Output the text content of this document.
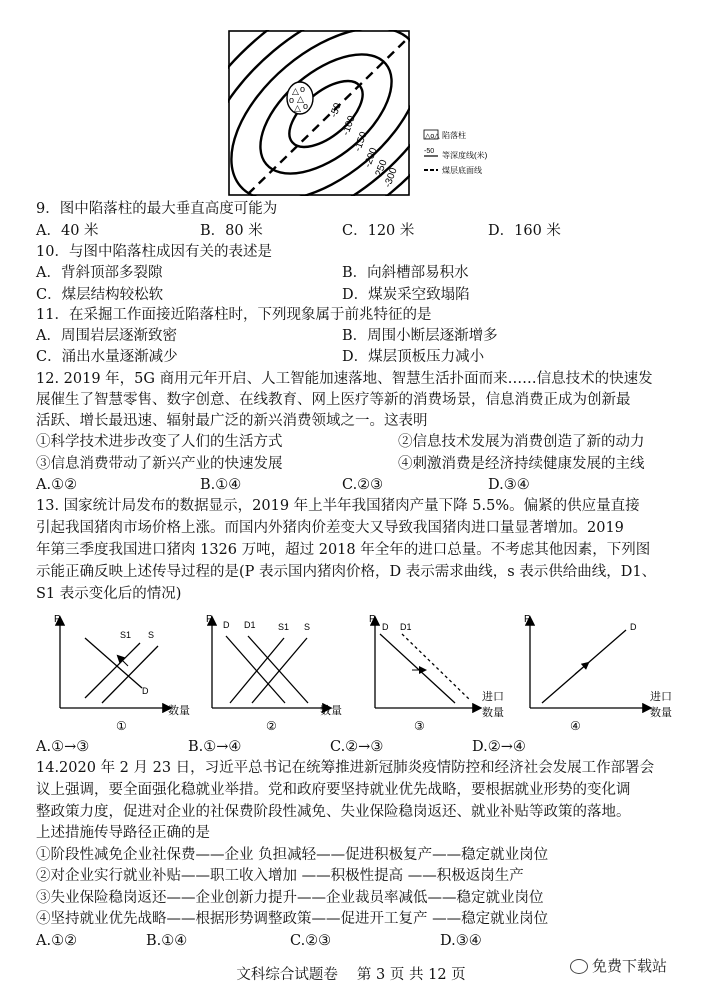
△ o
o △
△ o -50
-100
-150
-200
-250
-300
△o△ 陷落柱
-50 等深度线(米)
煤层底面线
9．图中陷落柱的最大垂直高度可能为
A．40 米	B．80 米	C．120 米	D．160 米
10．与图中陷落柱成因有关的表述是
A．背斜顶部多裂隙	B．向斜槽部易积水
C．煤层结构较松软	D．煤炭采空致塌陷
11．在采掘工作面接近陷落柱时，下列现象属于前兆特征的是
A．周围岩层逐渐致密	B．周围小断层逐渐增多
C．涌出水量逐渐减少	D．煤层顶板压力减小
12. 2019 年，5G 商用元年开启、人工智能加速落地、智慧生活扑面而来……信息技术的快速发
展催生了智慧零售、数字创意、在线教育、网上医疗等新的消费场景，信息消费正成为创新最
活跃、增长最迅速、辐射最广泛的新兴消费领域之一。这表明
①科学技术进步改变了人们的生活方式	②信息技术发展为消费创造了新的动力
③信息消费带动了新兴产业的快速发展	④刺激消费是经济持续健康发展的主线
A.①②	B.①④	C.②③	D.③④
13. 国家统计局发布的数据显示，2019 年上半年我国猪肉产量下降 5.5%。偏紧的供应量直接
引起我国猪肉市场价格上涨。而国内外猪肉价差变大又导致我国猪肉进口量显著增加。2019
年第三季度我国进口猪肉 1326 万吨，超过 2018 年全年的进口总量。不考虑其他因素，下列图
示能正确反映上述传导过程的是(P 表示国内猪肉价格，D 表示需求曲线，s 表示供给曲线，D1、
S1 表示变化后的情况)
P
数量
S1 S
D
①
P
数量
D D1 S1 S
②
P
进口
数量
D D1
③
P
进口
数量
D
④
A.①→③	B.①→④	C.②→③	D.②→④
14.2020 年 2 月 23 日，习近平总书记在统筹推进新冠肺炎疫情防控和经济社会发展工作部署会
议上强调，要全面强化稳就业举措。党和政府要坚持就业优先战略，要根据就业形势的变化调
整政策力度，促进对企业的社保费阶段性减免、失业保险稳岗返还、就业补贴等政策的落地。
上述措施传导路径正确的是
①阶段性减免企业社保费——企业 负担减轻——促进积极复产——稳定就业岗位
②对企业实行就业补贴——职工收入增加 ——积极性提高 ——积极返岗生产
③失业保险稳岗返还——企业创新力提升——企业裁员率减低——稳定就业岗位
④坚持就业优先战略——根据形势调整政策——促进开工复产 ——稳定就业岗位
A.①②	B.①④	C.②③	D.③④
文科综合试题卷　 第 3 页 共 12 页	免费下载站
